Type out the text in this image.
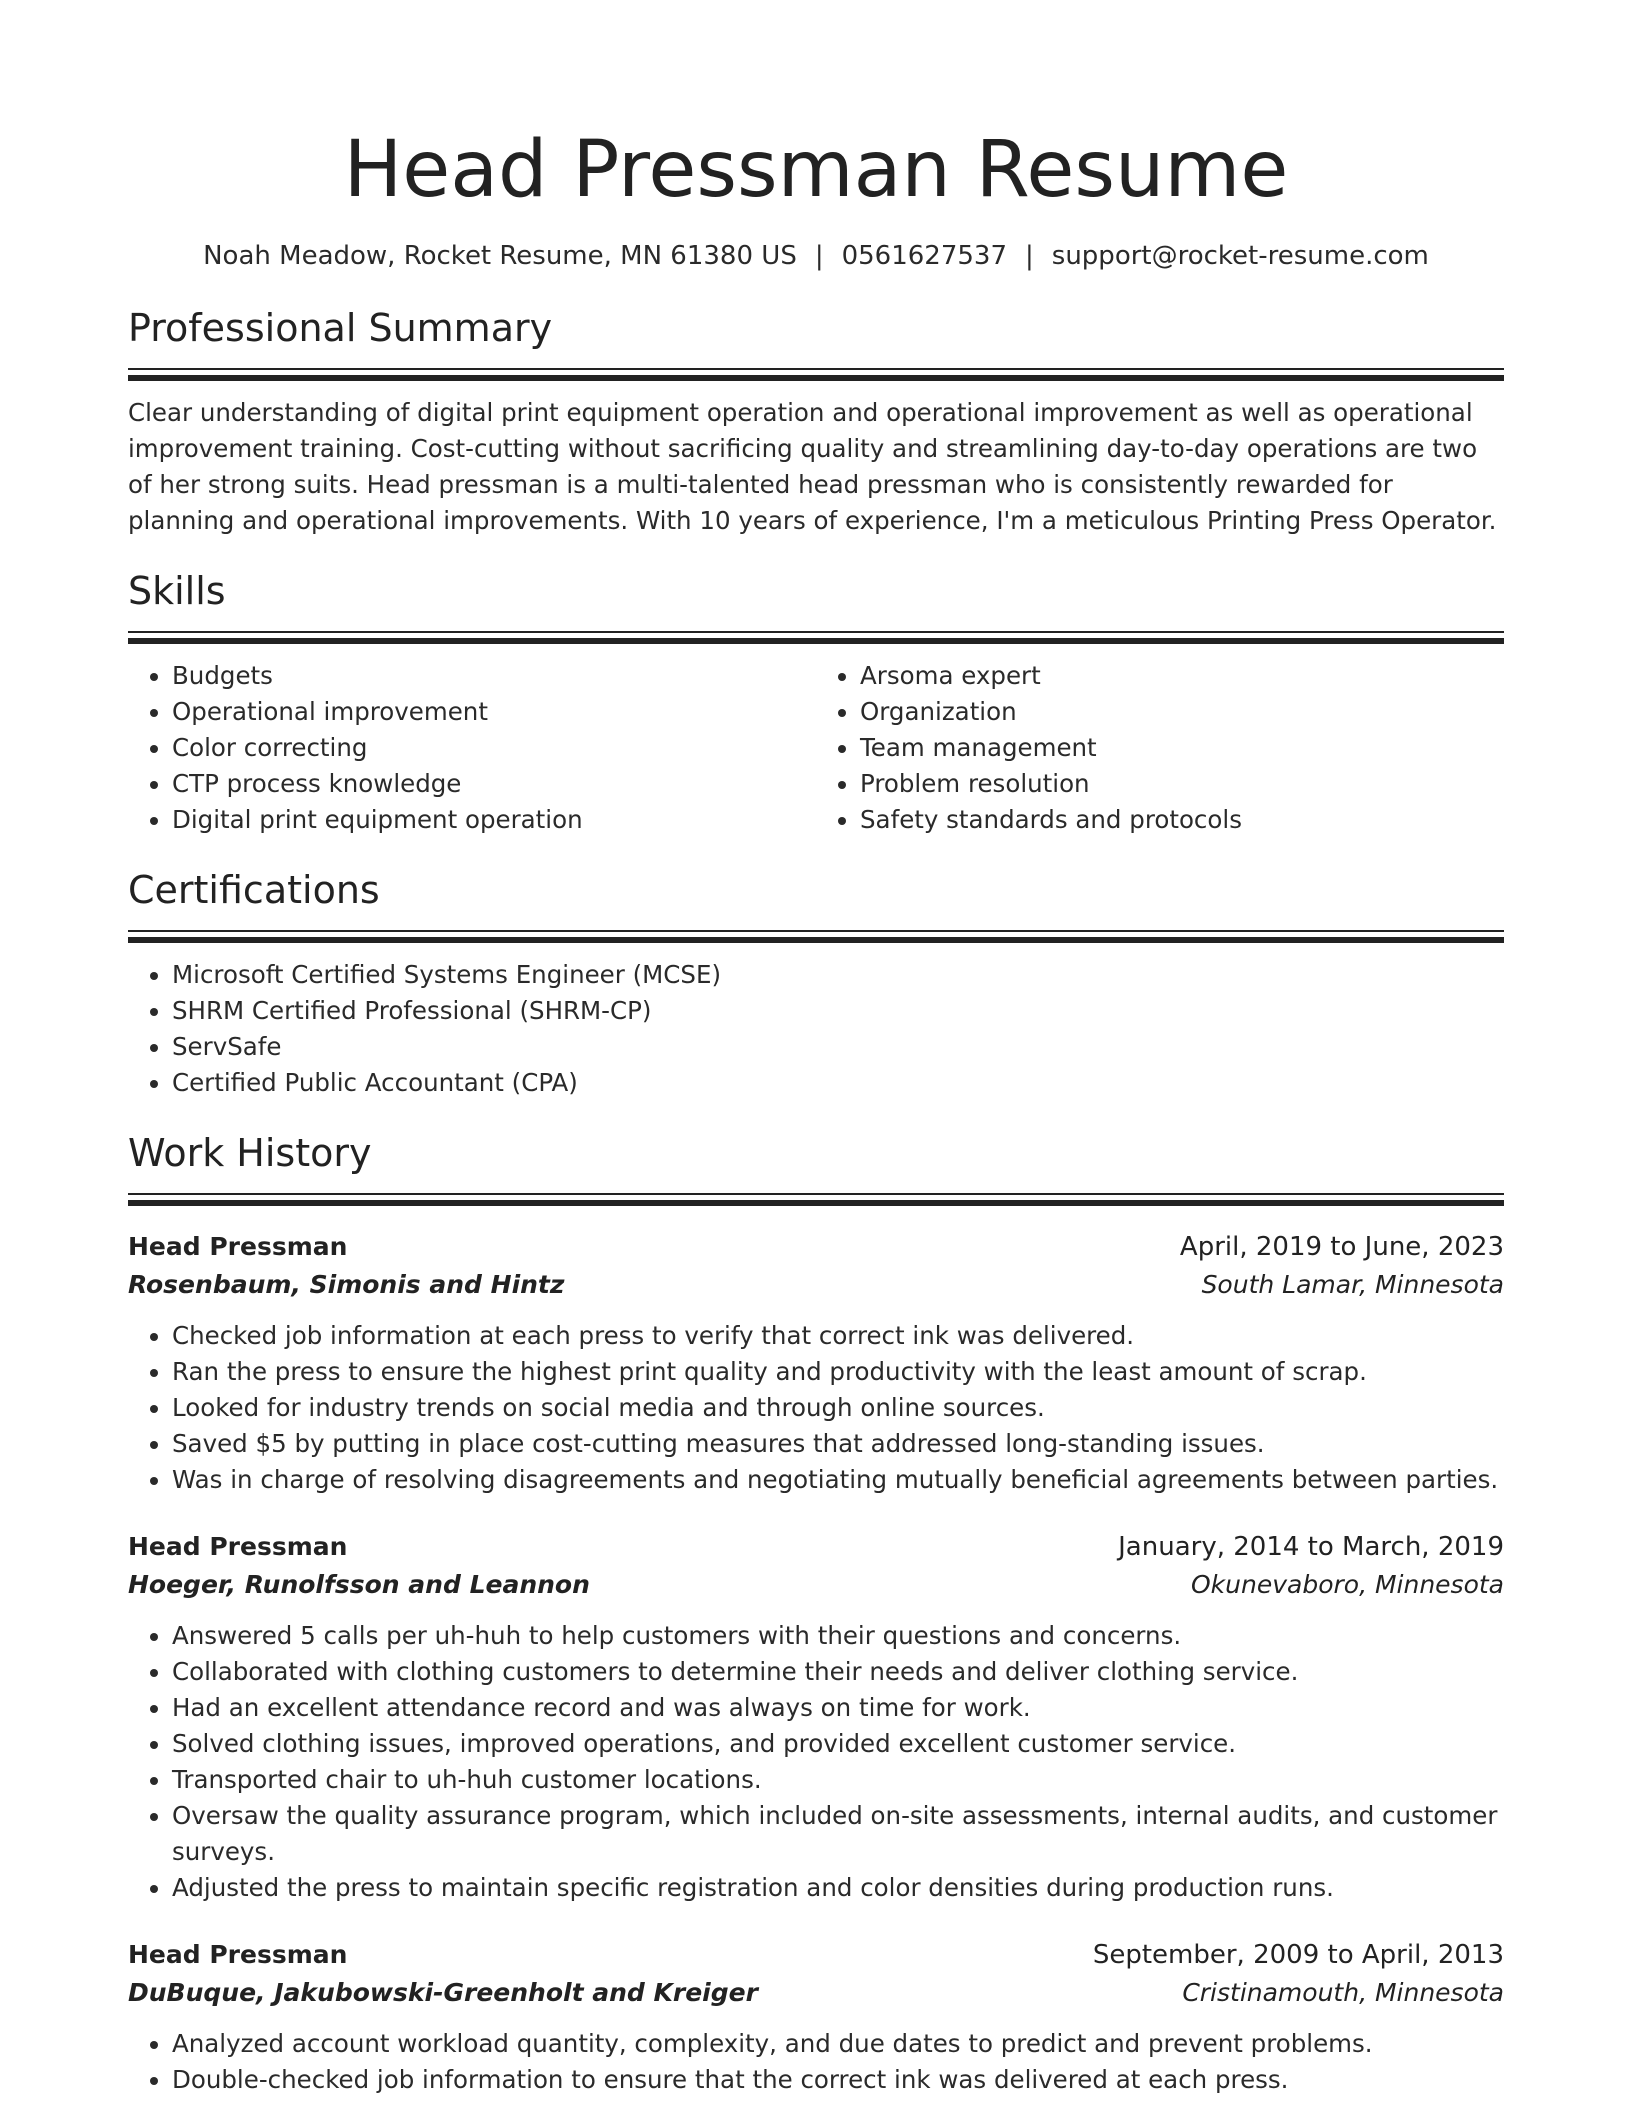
Head Pressman Resume
Noah Meadow, Rocket Resume, MN 61380 US | 0561627537 | support@rocket-resume.com
Professional Summary
Clear understanding of digital print equipment operation and operational improvement as well as operational improvement training. Cost-cutting without sacrificing quality and streamlining day-to-day operations are two of her strong suits. Head pressman is a multi-talented head pressman who is consistently rewarded for planning and operational improvements. With 10 years of experience, I'm a meticulous Printing Press Operator.
Skills
• Budgets
• Operational improvement
• Color correcting
• CTP process knowledge
• Digital print equipment operation
• Arsoma expert
• Organization
• Team management
• Problem resolution
• Safety standards and protocols
Certifications
• Microsoft Certified Systems Engineer (MCSE)
• SHRM Certified Professional (SHRM-CP)
• ServSafe
• Certified Public Accountant (CPA)
Work History
Head Pressman	April, 2019 to June, 2023
Rosenbaum, Simonis and Hintz	South Lamar, Minnesota
• Checked job information at each press to verify that correct ink was delivered.
• Ran the press to ensure the highest print quality and productivity with the least amount of scrap.
• Looked for industry trends on social media and through online sources.
• Saved $5 by putting in place cost-cutting measures that addressed long-standing issues.
• Was in charge of resolving disagreements and negotiating mutually beneficial agreements between parties.
Head Pressman	January, 2014 to March, 2019
Hoeger, Runolfsson and Leannon	Okunevaboro, Minnesota
• Answered 5 calls per uh-huh to help customers with their questions and concerns.
• Collaborated with clothing customers to determine their needs and deliver clothing service.
• Had an excellent attendance record and was always on time for work.
• Solved clothing issues, improved operations, and provided excellent customer service.
• Transported chair to uh-huh customer locations.
• Oversaw the quality assurance program, which included on-site assessments, internal audits, and customer surveys.
• Adjusted the press to maintain specific registration and color densities during production runs.
Head Pressman	September, 2009 to April, 2013
DuBuque, Jakubowski-Greenholt and Kreiger	Cristinamouth, Minnesota
• Analyzed account workload quantity, complexity, and due dates to predict and prevent problems.
• Double-checked job information to ensure that the correct ink was delivered at each press.
